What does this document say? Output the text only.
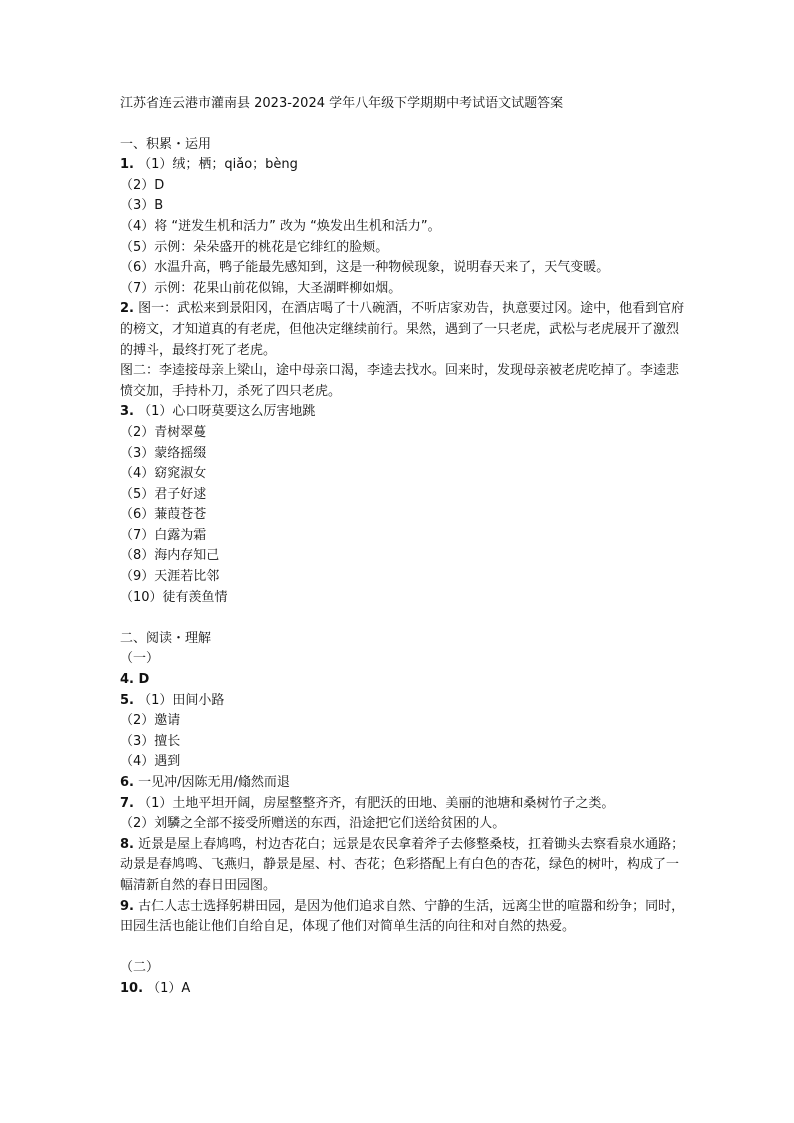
江苏省连云港市灌南县 2023-2024 学年八年级下学期期中考试语文试题答案
一、积累・运用
1. （1）绒；栖；qiǎo；bèng
（2）D
（3）B
（4）将 “迸发生机和活力” 改为 “焕发出生机和活力”。
（5）示例：朵朵盛开的桃花是它绯红的脸颊。
（6）水温升高，鸭子能最先感知到，这是一种物候现象，说明春天来了，天气变暖。
（7）示例：花果山前花似锦，大圣湖畔柳如烟。
2. 图一：武松来到景阳冈，在酒店喝了十八碗酒，不听店家劝告，执意要过冈。途中，他看到官府的榜文，才知道真的有老虎，但他决定继续前行。果然，遇到了一只老虎，武松与老虎展开了激烈的搏斗，最终打死了老虎。
图二：李逵接母亲上梁山，途中母亲口渴，李逵去找水。回来时，发现母亲被老虎吃掉了。李逵悲愤交加，手持朴刀，杀死了四只老虎。
3. （1）心口呀莫要这么厉害地跳
（2）青树翠蔓
（3）蒙络摇缀
（4）窈窕淑女
（5）君子好逑
（6）蒹葭苍苍
（7）白露为霜
（8）海内存知己
（9）天涯若比邻
（10）徒有羡鱼情
二、阅读・理解
（一）
4. D
5. （1）田间小路
（2）邀请
（3）擅长
（4）遇到
6. 一见冲/因陈无用/翛然而退
7. （1）土地平坦开阔，房屋整整齐齐，有肥沃的田地、美丽的池塘和桑树竹子之类。
（2）刘驎之全部不接受所赠送的东西，沿途把它们送给贫困的人。
8. 近景是屋上春鸠鸣，村边杏花白；远景是农民拿着斧子去修整桑枝，扛着锄头去察看泉水通路；动景是春鸠鸣、飞燕归，静景是屋、村、杏花；色彩搭配上有白色的杏花，绿色的树叶，构成了一幅清新自然的春日田园图。
9. 古仁人志士选择躬耕田园，是因为他们追求自然、宁静的生活，远离尘世的喧嚣和纷争；同时，田园生活也能让他们自给自足，体现了他们对简单生活的向往和对自然的热爱。
（二）
10. （1）A
